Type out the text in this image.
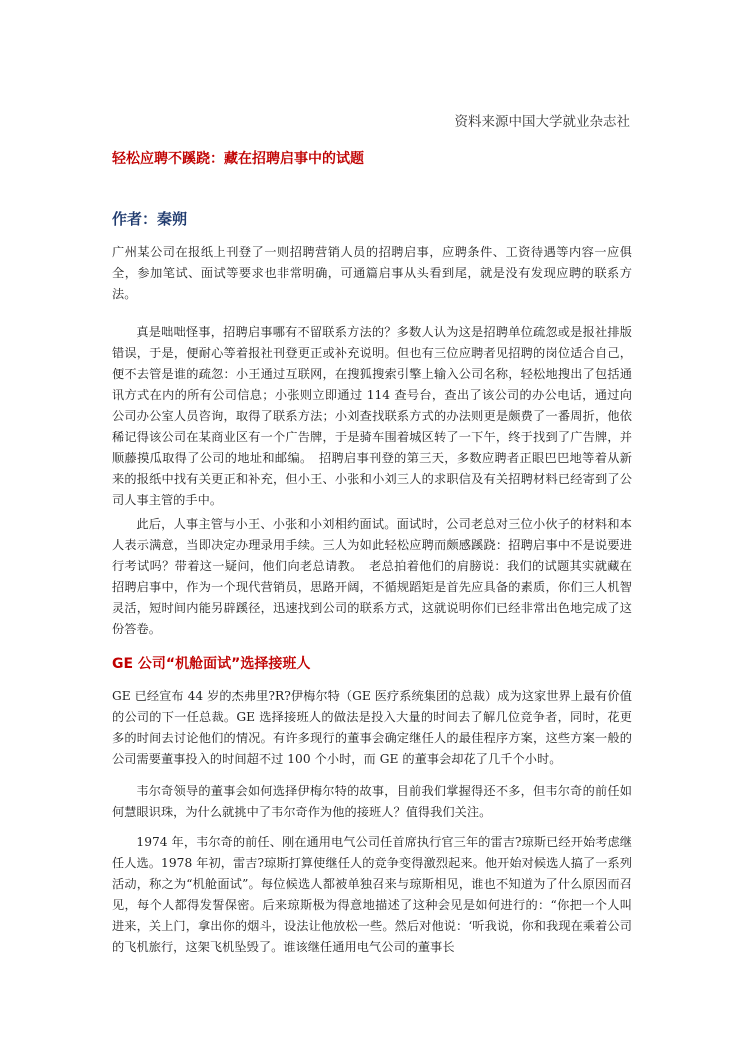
资料来源中国大学就业杂志社
轻松应聘不蹊跷：藏在招聘启事中的试题
作者：秦朔

广州某公司在报纸上刊登了一则招聘营销人员的招聘启事，应聘条件、工资待遇等内容一应俱全，参加笔试、面试等要求也非常明确，可通篇启事从头看到尾，就是没有发现应聘的联系方法。

真是咄咄怪事，招聘启事哪有不留联系方法的？多数人认为这是招聘单位疏忽或是报社排版错误，于是，便耐心等着报社刊登更正或补充说明。但也有三位应聘者见招聘的岗位适合自己，便不去管是谁的疏忽：小王通过互联网，在搜狐搜索引擎上输入公司名称，轻松地搜出了包括通讯方式在内的所有公司信息；小张则立即通过 114 查号台，查出了该公司的办公电话，通过向公司办公室人员咨询，取得了联系方法；小刘查找联系方式的办法则更是颇费了一番周折，他依稀记得该公司在某商业区有一个广告牌，于是骑车围着城区转了一下午，终于找到了广告牌，并顺藤摸瓜取得了公司的地址和邮编。　招聘启事刊登的第三天，多数应聘者正眼巴巴地等着从新来的报纸中找有关更正和补充，但小王、小张和小刘三人的求职信及有关招聘材料已经寄到了公司人事主管的手中。

此后，人事主管与小王、小张和小刘相约面试。面试时，公司老总对三位小伙子的材料和本人表示满意，当即决定办理录用手续。三人为如此轻松应聘而颇感蹊跷：招聘启事中不是说要进行考试吗？带着这一疑问，他们向老总请教。　老总拍着他们的肩膀说：我们的试题其实就藏在招聘启事中，作为一个现代营销员，思路开阔，不循规蹈矩是首先应具备的素质，你们三人机智灵活，短时间内能另辟蹊径，迅速找到公司的联系方式，这就说明你们已经非常出色地完成了这份答卷。

GE 公司“机舱面试”选择接班人

GE 已经宣布 44 岁的杰弗里?R?伊梅尔特（GE 医疗系统集团的总裁）成为这家世界上最有价值的公司的下一任总裁。GE 选择接班人的做法是投入大量的时间去了解几位竞争者，同时，花更多的时间去讨论他们的情况。有许多现行的董事会确定继任人的最佳程序方案，这些方案一般的公司需要董事投入的时间超不过 100 个小时，而 GE 的董事会却花了几千个小时。

韦尔奇领导的董事会如何选择伊梅尔特的故事，目前我们掌握得还不多，但韦尔奇的前任如何慧眼识珠，为什么就挑中了韦尔奇作为他的接班人？值得我们关注。

1974 年，韦尔奇的前任、刚在通用电气公司任首席执行官三年的雷吉?琼斯已经开始考虑继任人选。1978 年初，雷吉?琼斯打算使继任人的竞争变得激烈起来。他开始对候选人搞了一系列活动，称之为“机舱面试”。每位候选人都被单独召来与琼斯相见，谁也不知道为了什么原因而召见，每个人都得发誓保密。后来琼斯极为得意地描述了这种会见是如何进行的：“你把一个人叫进来，关上门，拿出你的烟斗，设法让他放松一些。然后对他说：‘听我说，你和我现在乘着公司的飞机旅行，这架飞机坠毁了。谁该继任通用电气公司的董事长
